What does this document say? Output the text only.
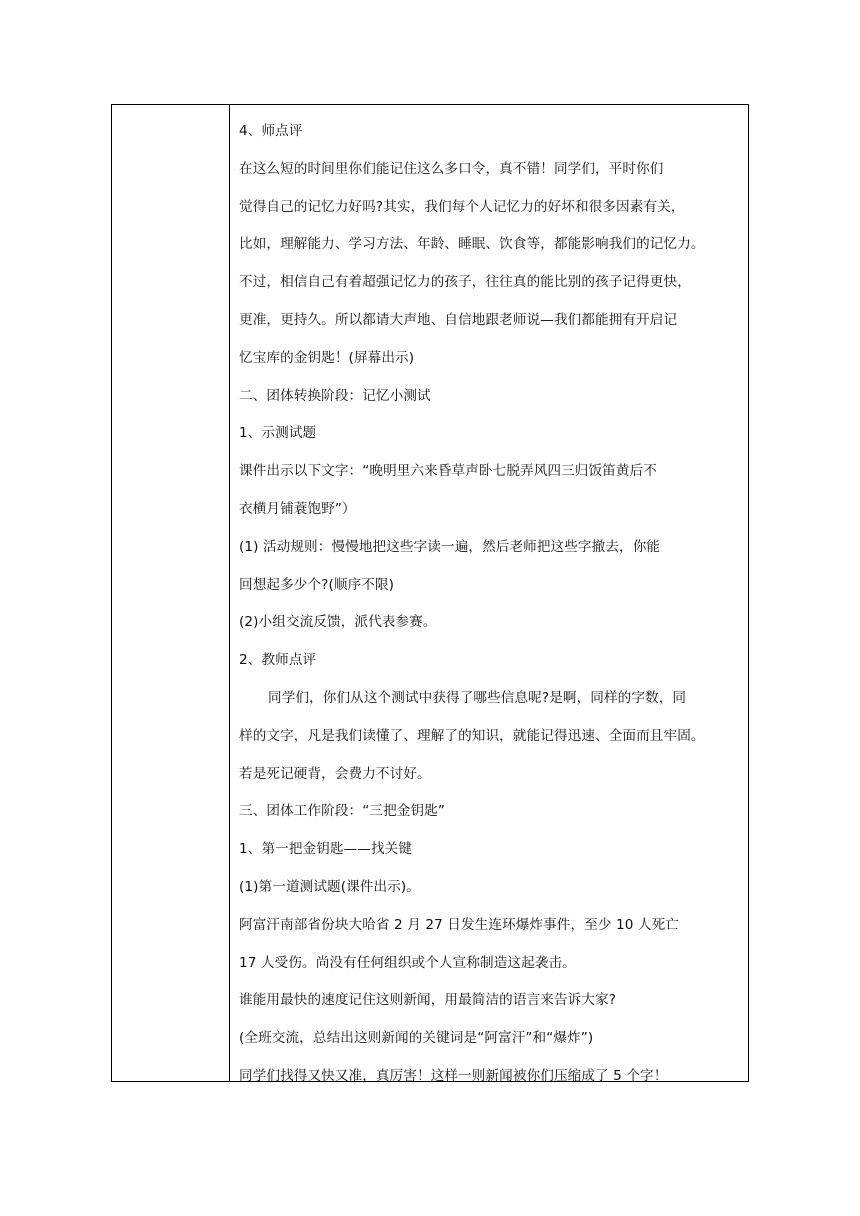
4、师点评
在这么短的时间里你们能记住这么多口令，真不错！同学们，平时你们
觉得自己的记忆力好吗?其实，我们每个人记忆力的好坏和很多因素有关，
比如，理解能力、学习方法、年龄、睡眠、饮食等，都能影响我们的记忆力。
不过，相信自己有着超强记忆力的孩子，往往真的能比别的孩子记得更快，
更准，更持久。所以都请大声地、自信地跟老师说—我们都能拥有开启记
忆宝库的金钥匙！(屏幕出示)
二、团体转换阶段：记忆小测试
1、示测试题
课件出示以下文字：“晚明里六来昏草声卧七脱弄风四三归饭笛黄后不
衣横月铺蓑饱野”）
(1) 活动规则：慢慢地把这些字读一遍，然后老师把这些字撤去，你能
回想起多少个?(顺序不限)
(2)小组交流反馈，派代表参赛。
2、教师点评
同学们，你们从这个测试中获得了哪些信息呢?是啊，同样的字数，同
样的文字，凡是我们读懂了、理解了的知识，就能记得迅速、全面而且牢固。
若是死记硬背，会费力不讨好。
三、团体工作阶段：“三把金钥匙”
1、第一把金钥匙——找关键
(1)第一道测试题(课件出示)。
阿富汗南部省份块大哈省 2 月 27 日发生连环爆炸事件，至少 10 人死亡
17 人受伤。尚没有任何组织或个人宣称制造这起袭击。
谁能用最快的速度记住这则新闻，用最简洁的语言来告诉大家?
(全班交流，总结出这则新闻的关键词是“阿富汗”和“爆炸”)
同学们找得又快又准，真厉害！这样一则新闻被你们压缩成了 5 个字！
